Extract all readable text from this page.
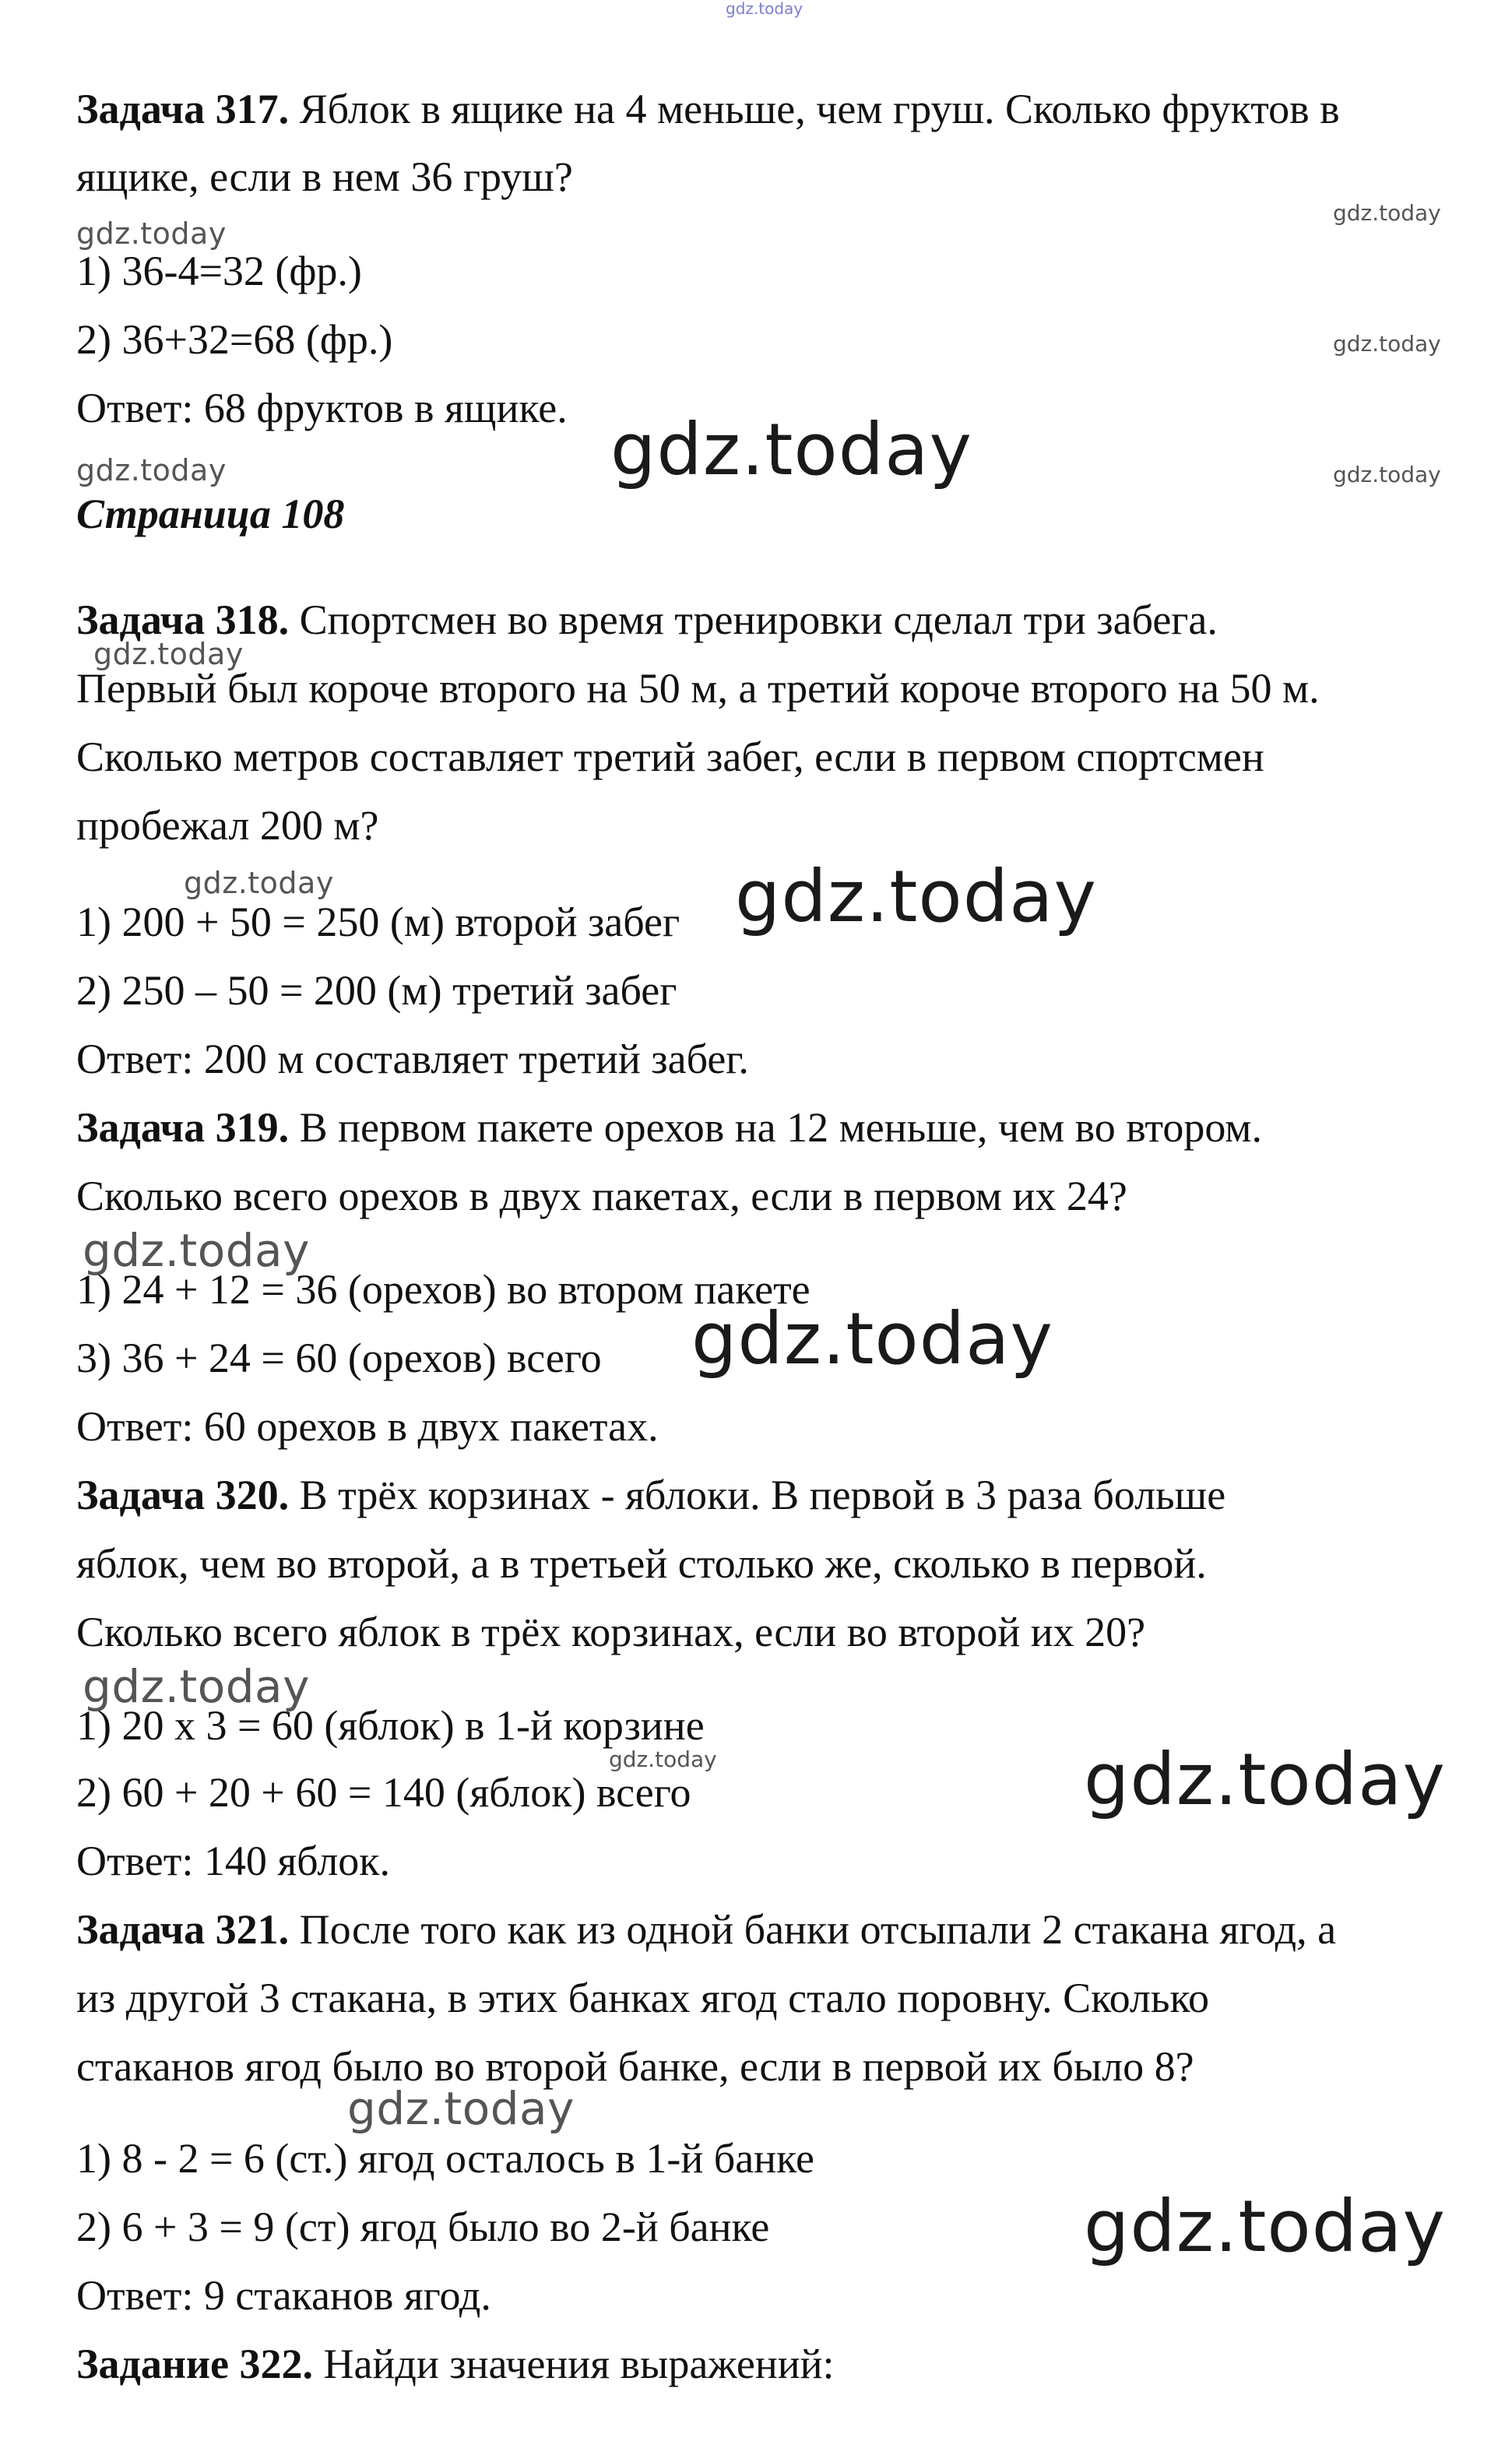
gdz.today
Задача 317. Яблок в ящике на 4 меньше, чем груш. Сколько фруктов в
ящике, если в нем 36 груш?
gdz.today
gdz.today
1) 36-4=32 (фр.)
2) 36+32=68 (фр.)	gdz.today
Ответ: 68 фруктов в ящике. gdz.today
gdz.today	gdz.today
Страница 108
Задача 318. Спортсмен во время тренировки сделал три забега.
gdz.today
Первый был короче второго на 50 м, а третий короче второго на 50 м.
Сколько метров составляет третий забег, если в первом спортсмен
пробежал 200 м?
gdz.today	gdz.today
1) 200 + 50 = 250 (м) второй забег
2) 250 – 50 = 200 (м) третий забег
Ответ: 200 м составляет третий забег.
Задача 319. В первом пакете орехов на 12 меньше, чем во втором.
Сколько всего орехов в двух пакетах, если в первом их 24?
gdz.today
1) 24 + 12 = 36 (орехов) во втором пакете
gdz.today
3) 36 + 24 = 60 (орехов) всего
Ответ: 60 орехов в двух пакетах.
Задача 320. В трёх корзинах - яблоки. В первой в 3 раза больше
яблок, чем во второй, а в третьей столько же, сколько в первой.
Сколько всего яблок в трёх корзинах, если во второй их 20?
gdz.today
1) 20 х 3 = 60 (яблок) в 1-й корзине
gdz.today	gdz.today
2) 60 + 20 + 60 = 140 (яблок) всего
Ответ: 140 яблок.
Задача 321. После того как из одной банки отсыпали 2 стакана ягод, а
из другой 3 стакана, в этих банках ягод стало поровну. Сколько
стаканов ягод было во второй банке, если в первой их было 8?
gdz.today
1) 8 - 2 = 6 (ст.) ягод осталось в 1-й банке
gdz.today
2) 6 + 3 = 9 (ст) ягод было во 2-й банке
Ответ: 9 стаканов ягод.
Задание 322. Найди значения выражений:
